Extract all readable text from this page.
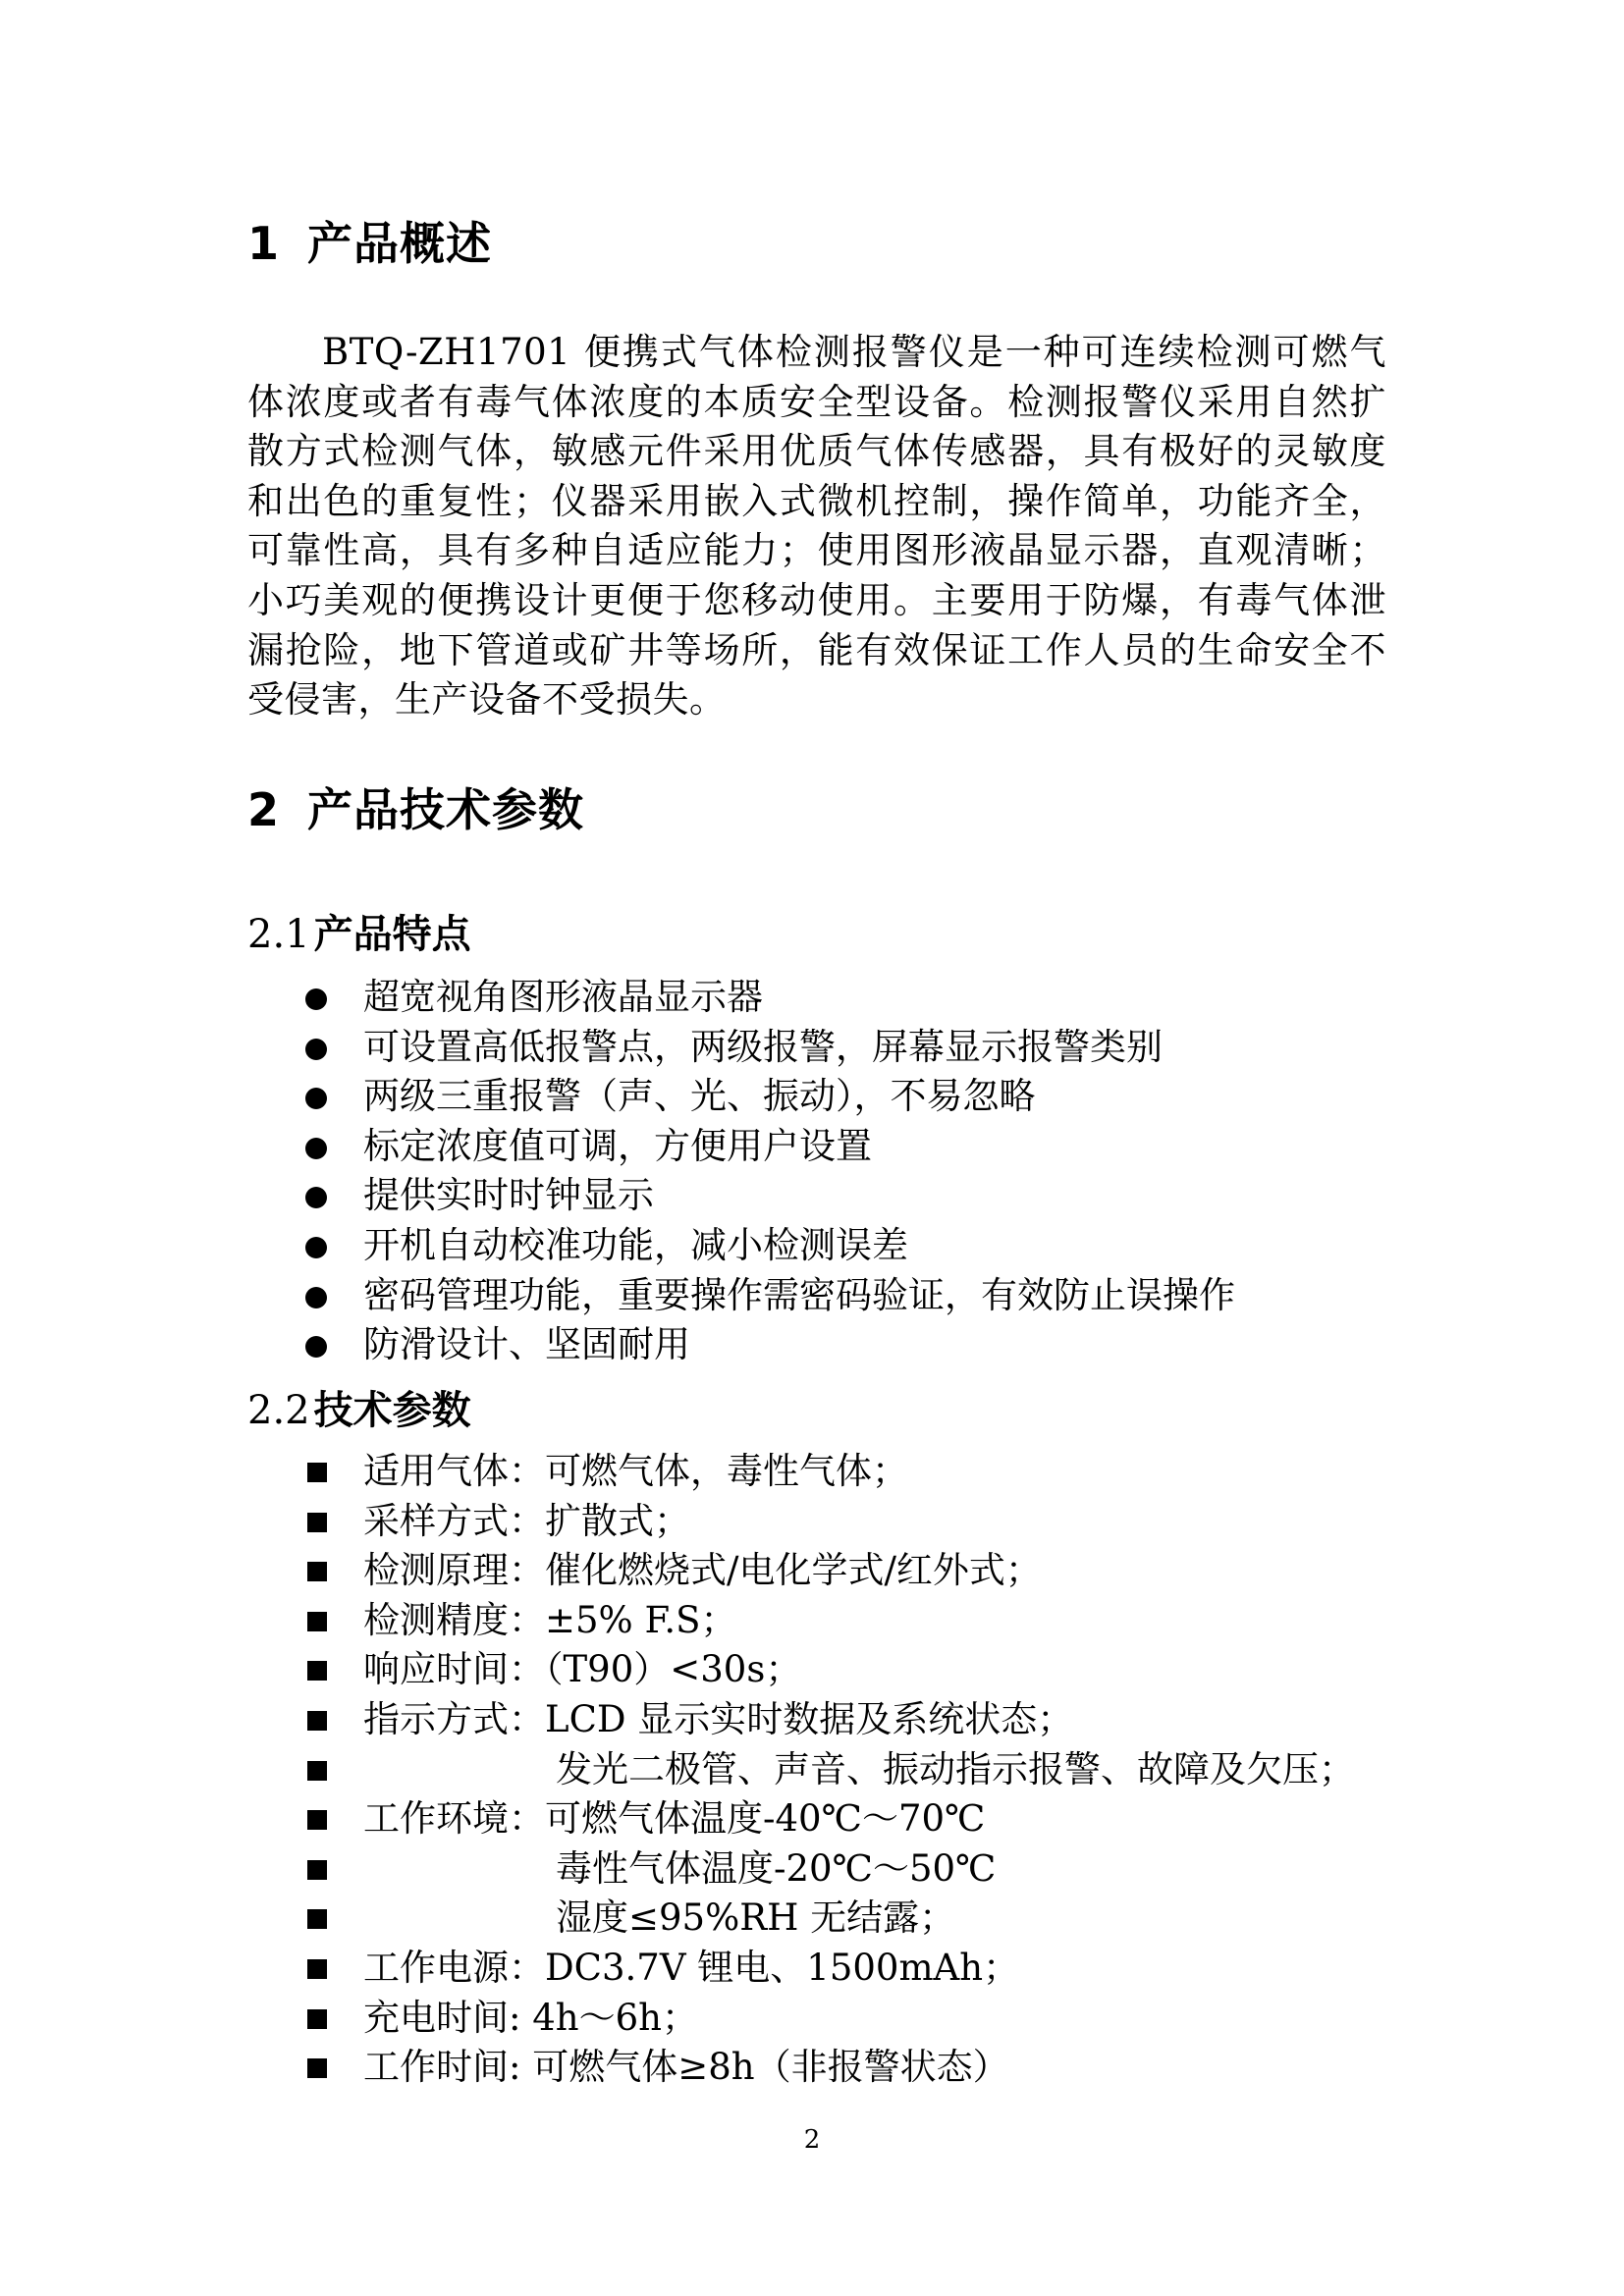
1 产品概述
BTQ-ZH1701 便携式气体检测报警仪是一种可连续检测可燃气体浓度或者有毒气体浓度的本质安全型设备。检测报警仪采用自然扩散方式检测气体，敏感元件采用优质气体传感器，具有极好的灵敏度和出色的重复性；仪器采用嵌入式微机控制，操作简单，功能齐全，可靠性高，具有多种自适应能力；使用图形液晶显示器，直观清晰；小巧美观的便携设计更便于您移动使用。主要用于防爆，有毒气体泄漏抢险，地下管道或矿井等场所，能有效保证工作人员的生命安全不受侵害，生产设备不受损失。
2 产品技术参数
2.1 产品特点
超宽视角图形液晶显示器
可设置高低报警点，两级报警，屏幕显示报警类别
两级三重报警（声、光、振动），不易忽略
标定浓度值可调，方便用户设置
提供实时时钟显示
开机自动校准功能，减小检测误差
密码管理功能，重要操作需密码验证，有效防止误操作
防滑设计、坚固耐用
2.2 技术参数
适用气体：可燃气体，毒性气体；
采样方式：扩散式；
检测原理：催化燃烧式/电化学式/红外式；
检测精度：±5% F.S；
响应时间：（T90）<30s；
指示方式：LCD 显示实时数据及系统状态；
发光二极管、声音、振动指示报警、故障及欠压；
工作环境：可燃气体温度-40℃～70℃
毒性气体温度-20℃～50℃
湿度≤95%RH 无结露；
工作电源：DC3.7V 锂电、1500mAh；
充电时间: 4h～6h；
工作时间: 可燃气体≥8h（非报警状态）
2
